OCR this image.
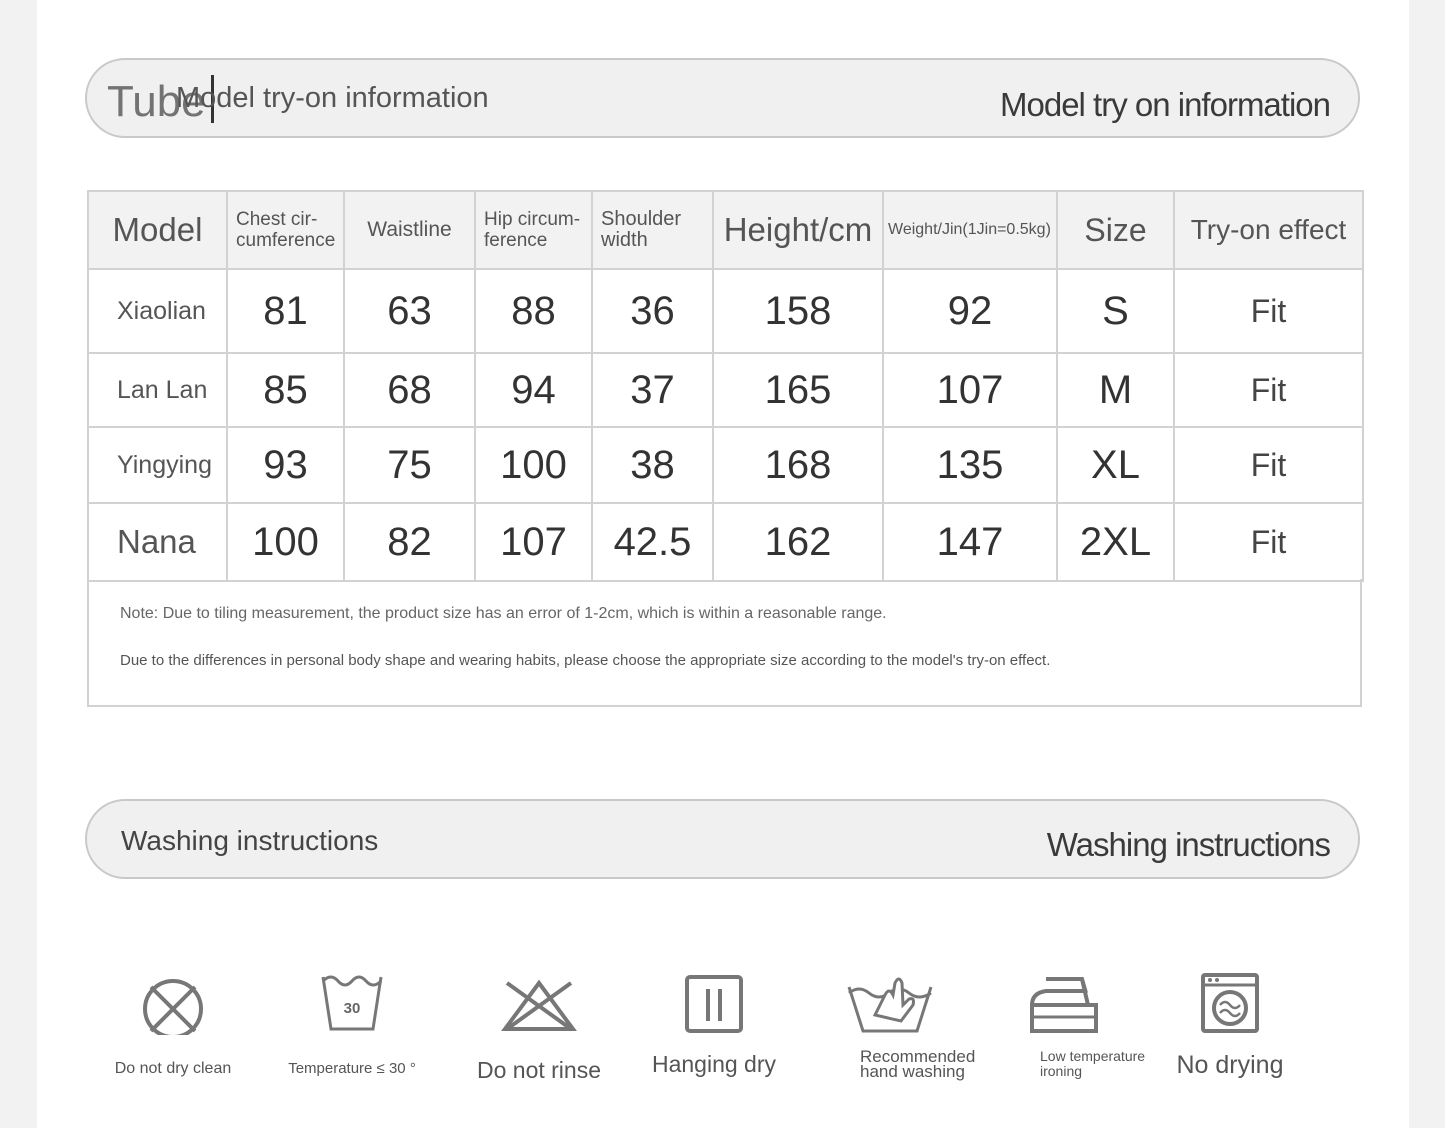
Tube
Model try-on information	Model try on information
Model	Chest cir-cumference	Waistline	Hip circum-ference	Shoulder width	Height/cm	Weight/Jin(1Jin=0.5kg)	Size	Try-on effect
Xiaolian	81	63	88	36	158	92	S	Fit
Lan Lan	85	68	94	37	165	107	M	Fit
Yingying	93	75	100	38	168	135	XL	Fit
Nana	100	82	107	42.5	162	147	2XL	Fit

Note: Due to tiling measurement, the product size has an error of 1-2cm, which is within a reasonable range.

Due to the differences in personal body shape and wearing habits, please choose the appropriate size according to the model's try-on effect.

Washing instructions	Washing instructions
Do not dry clean
30
Temperature ≤ 30 °	Do not rinse	Hanging dry	Recommended hand washing
Low temperature ironing	No drying
